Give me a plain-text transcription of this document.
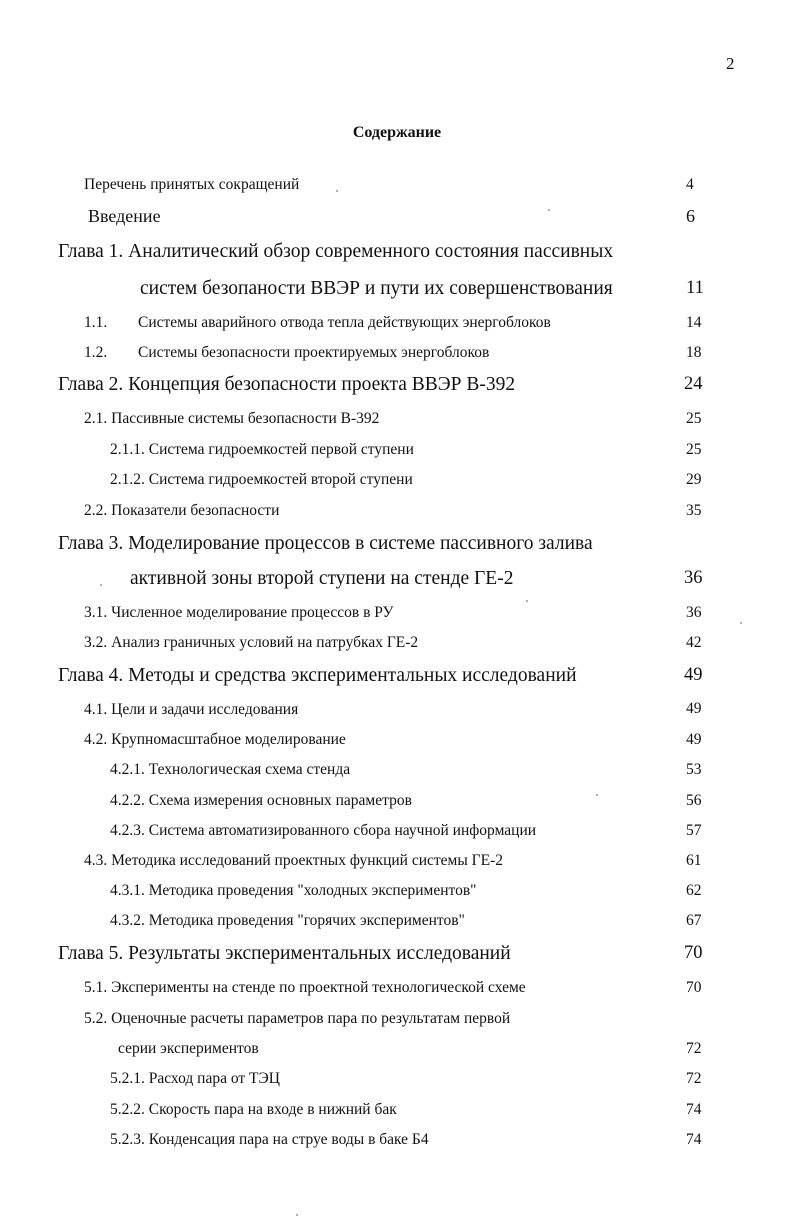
2
Содержание
Перечень принятых сокращений	4
Введение	6
Глава 1. Аналитический обзор современного состояния пассивных
систем безопаности ВВЭР и пути их совершенствования	11
1.1. Системы аварийного отвода тепла действующих энергоблоков	14
1.2. Системы безопасности проектируемых энергоблоков	18
Глава 2. Концепция безопасности проекта ВВЭР В-392	24
2.1. Пассивные системы безопасности В-392	25
2.1.1. Система гидроемкостей первой ступени	25
2.1.2. Система гидроемкостей второй ступени	29
2.2. Показатели безопасности	35
Глава 3. Моделирование процессов в системе пассивного залива
активной зоны второй ступени на стенде ГЕ-2	36
3.1. Численное моделирование процессов в РУ	36
3.2. Анализ граничных условий на патрубках ГЕ-2	42
Глава 4. Методы и средства экспериментальных исследований	49
4.1. Цели и задачи исследования	49
4.2. Крупномасштабное моделирование	49
4.2.1. Технологическая схема стенда	53
4.2.2. Схема измерения основных параметров	56
4.2.3. Система автоматизированного сбора научной информации	57
4.3. Методика исследований проектных функций системы ГЕ-2	61
4.3.1. Методика проведения "холодных экспериментов"	62
4.3.2. Методика проведения "горячих экспериментов"	67
Глава 5. Результаты экспериментальных исследований	70
5.1. Эксперименты на стенде по проектной технологической схеме	70
5.2. Оценочные расчеты параметров пара по результатам первой
серии экспериментов	72
5.2.1. Расход пара от ТЭЦ	72
5.2.2. Скорость пара на входе в нижний бак	74
5.2.3. Конденсация пара на струе воды в баке Б4	74
